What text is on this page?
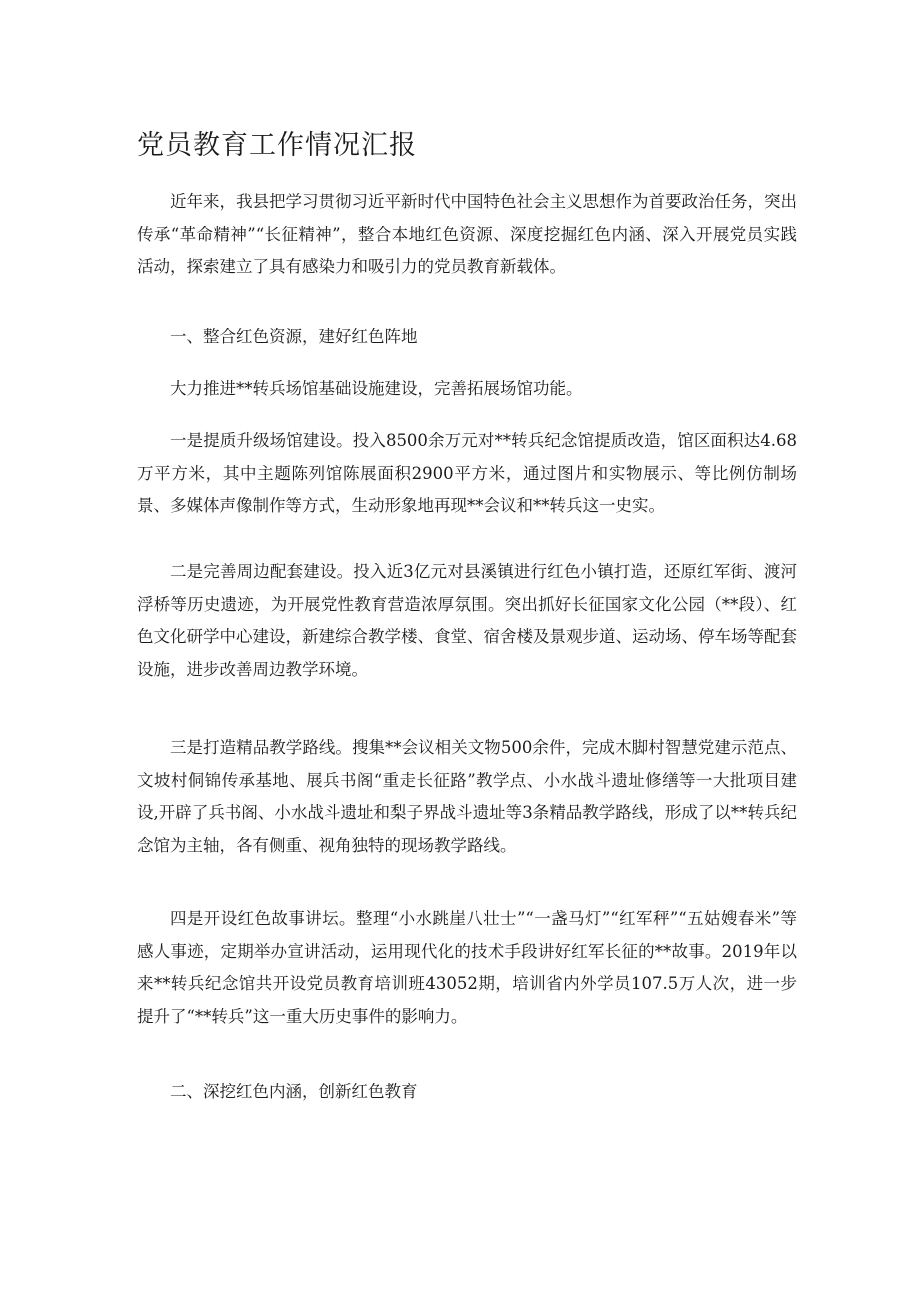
党员教育工作情况汇报

近年来，我县把学习贯彻习近平新时代中国特色社会主义思想作为首要政治任务，突出传承“革命精神”“长征精神”，整合本地红色资源、深度挖掘红色内涵、深入开展党员实践活动，探索建立了具有感染力和吸引力的党员教育新载体。

一、整合红色资源，建好红色阵地

大力推进**转兵场馆基础设施建设，完善拓展场馆功能。

一是提质升级场馆建设。投入8500余万元对**转兵纪念馆提质改造，馆区面积达4.68万平方米，其中主题陈列馆陈展面积2900平方米，通过图片和实物展示、等比例仿制场景、多媒体声像制作等方式，生动形象地再现**会议和**转兵这一史实。

二是完善周边配套建设。投入近3亿元对县溪镇进行红色小镇打造，还原红军街、渡河浮桥等历史遗迹，为开展党性教育营造浓厚氛围。突出抓好长征国家文化公园（**段）、红色文化研学中心建设，新建综合教学楼、食堂、宿舍楼及景观步道、运动场、停车场等配套设施，进步改善周边教学环境。

三是打造精品教学路线。搜集**会议相关文物500余件，完成木脚村智慧党建示范点、文坡村侗锦传承基地、展兵书阁“重走长征路”教学点、小水战斗遗址修缮等一大批项目建设,开辟了兵书阁、小水战斗遗址和梨子界战斗遗址等3条精品教学路线，形成了以**转兵纪念馆为主轴，各有侧重、视角独特的现场教学路线。

四是开设红色故事讲坛。整理“小水跳崖八壮士”“一盏马灯”“红军秤”“五姑嫂春米”等感人事迹，定期举办宣讲活动，运用现代化的技术手段讲好红军长征的**故事。2019年以来**转兵纪念馆共开设党员教育培训班43052期，培训省内外学员107.5万人次，进一步提升了“**转兵”这一重大历史事件的影响力。

二、深挖红色内涵，创新红色教育
